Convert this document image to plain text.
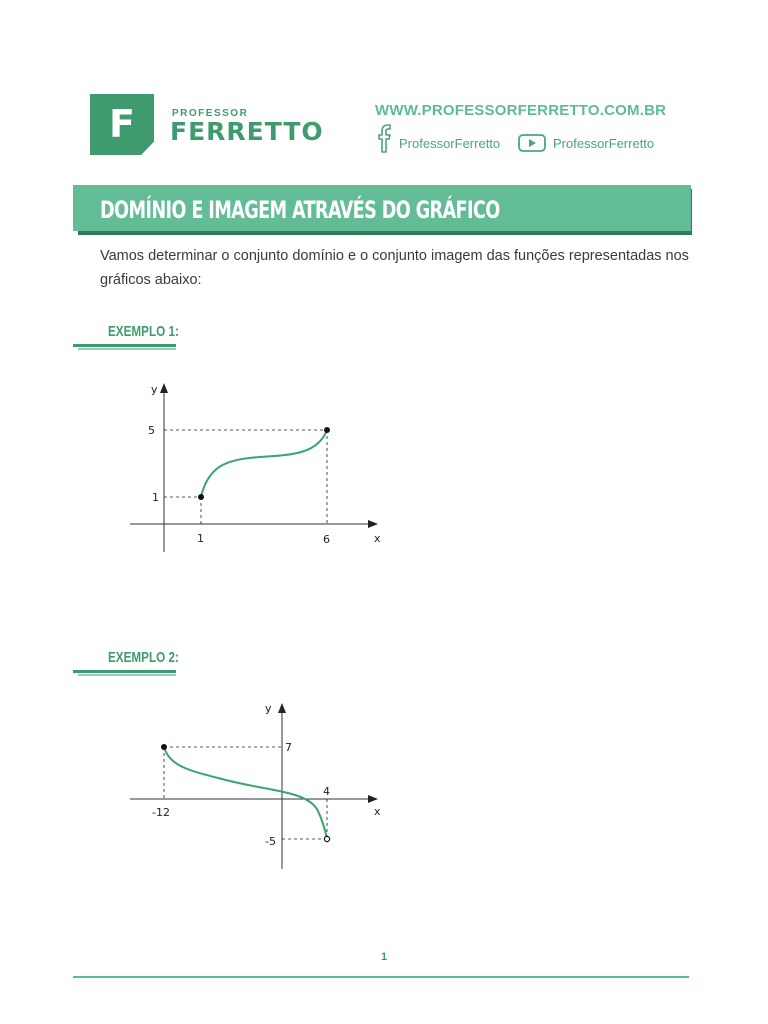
F	PROFESSOR
FERRETTO
WWW.PROFESSORFERRETTO.COM.BR
ProfessorFerretto	ProfessorFerretto
DOMÍNIO E IMAGEM ATRAVÉS DO GRÁFICO
Vamos determinar o conjunto domínio e o conjunto imagem das funções representadas nos gráficos abaixo:
EXEMPLO 1:
y
x
1	6
1
5
EXEMPLO 2:
y
x
-12
4
7
-5
1
